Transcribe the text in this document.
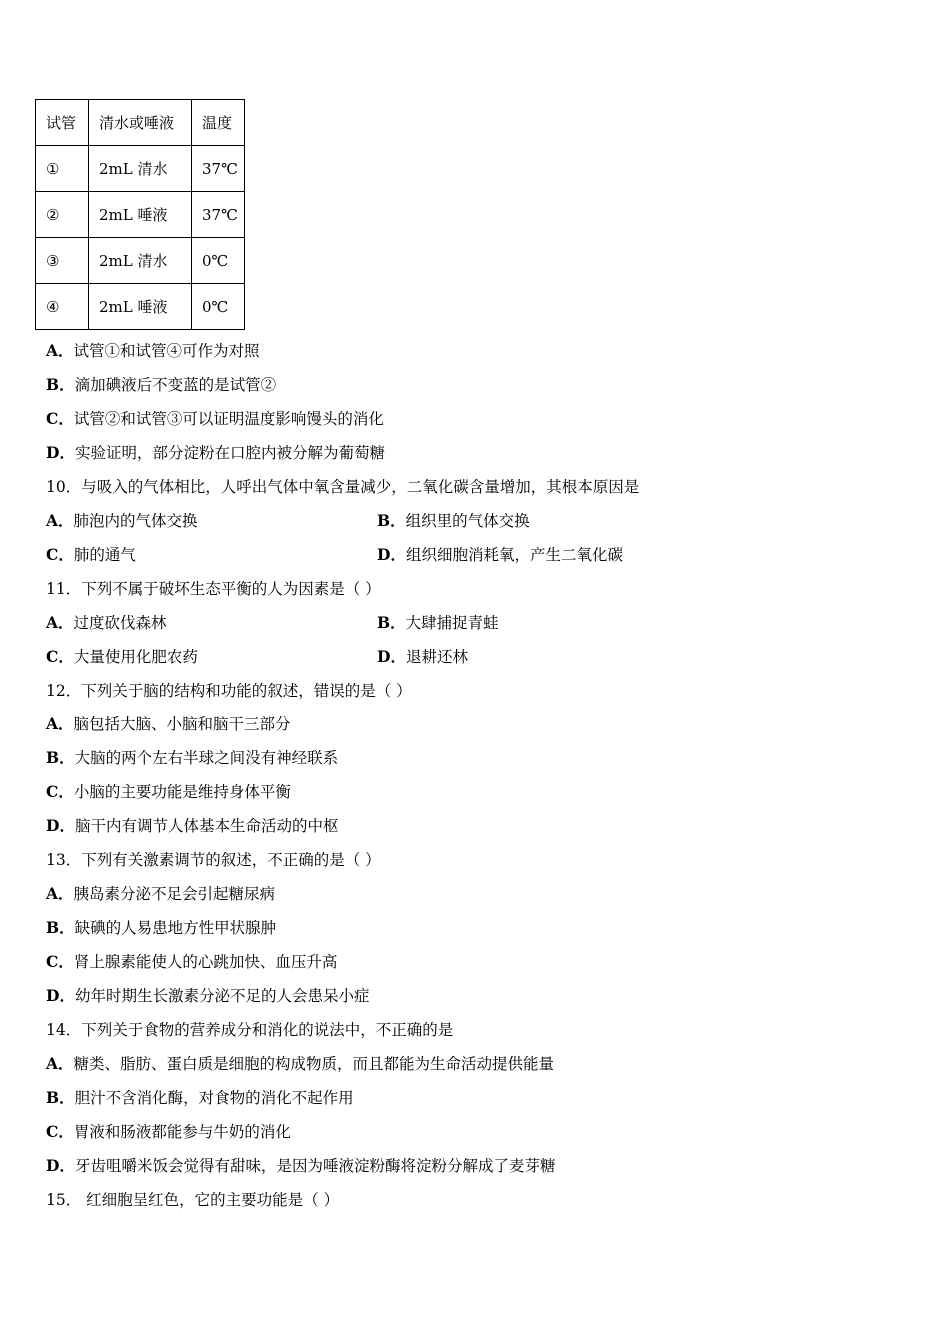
试管	清水或唾液	温度
①	2mL 清水	37℃
②	2mL 唾液	37℃
③	2mL 清水	0℃
④	2mL 唾液	0℃
A．试管①和试管④可作为对照
B．滴加碘液后不变蓝的是试管②
C．试管②和试管③可以证明温度影响馒头的消化
D．实验证明，部分淀粉在口腔内被分解为葡萄糖
10．与吸入的气体相比，人呼出气体中氧含量减少，二氧化碳含量增加，其根本原因是
A．肺泡内的气体交换	B．组织里的气体交换
C．肺的通气	D．组织细胞消耗氧，产生二氧化碳
11．下列不属于破坏生态平衡的人为因素是（ ）
A．过度砍伐森林	B．大肆捕捉青蛙
C．大量使用化肥农药	D．退耕还林
12．下列关于脑的结构和功能的叙述，错误的是（ ）
A．脑包括大脑、小脑和脑干三部分
B．大脑的两个左右半球之间没有神经联系
C．小脑的主要功能是维持身体平衡
D．脑干内有调节人体基本生命活动的中枢
13．下列有关激素调节的叙述，不正确的是（ ）
A．胰岛素分泌不足会引起糖尿病
B．缺碘的人易患地方性甲状腺肿
C．肾上腺素能使人的心跳加快、血压升高
D．幼年时期生长激素分泌不足的人会患呆小症
14．下列关于食物的营养成分和消化的说法中，不正确的是
A．糖类、脂肪、蛋白质是细胞的构成物质，而且都能为生命活动提供能量
B．胆汁不含消化酶，对食物的消化不起作用
C．胃液和肠液都能参与牛奶的消化
D．牙齿咀嚼米饭会觉得有甜味，是因为唾液淀粉酶将淀粉分解成了麦芽糖
15． 红细胞呈红色，它的主要功能是（ ）
